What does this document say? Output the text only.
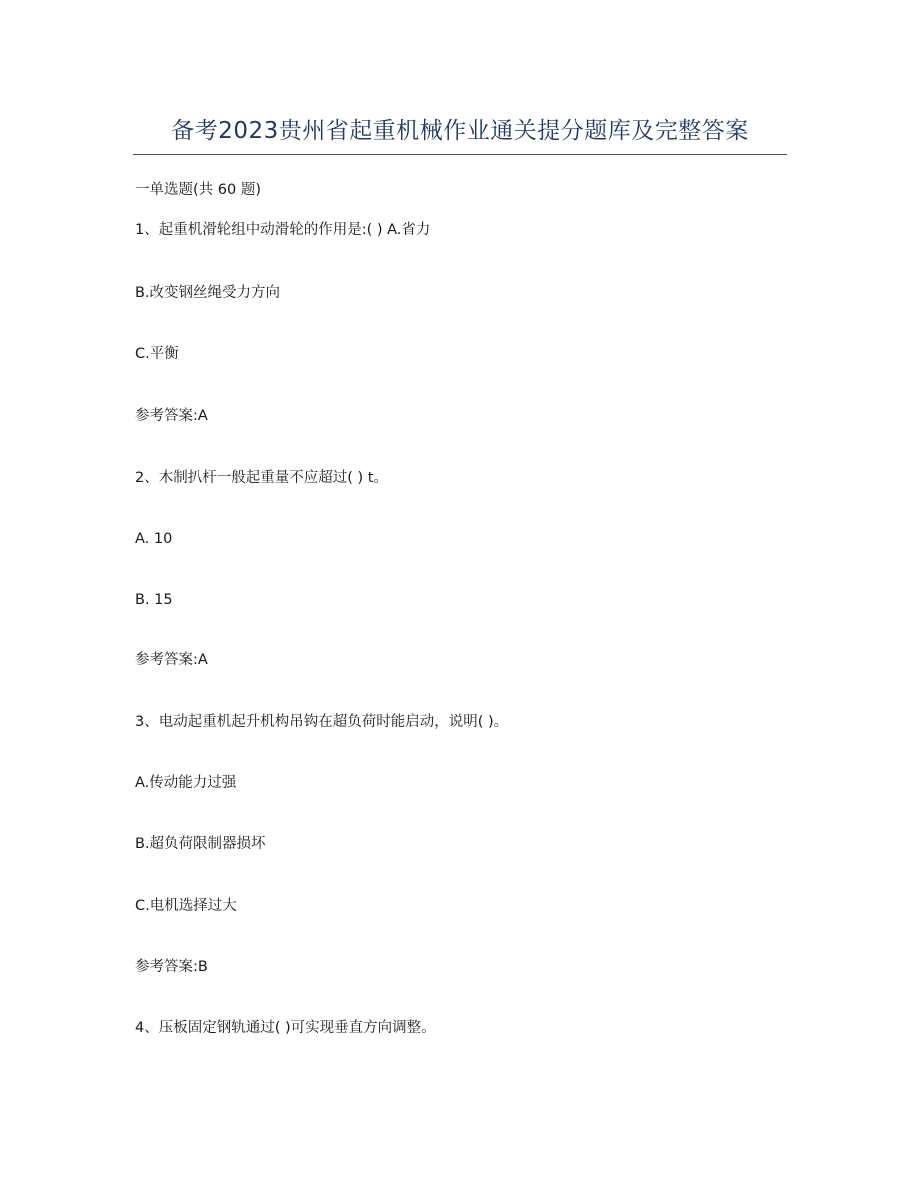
备考2023贵州省起重机械作业通关提分题库及完整答案
一单选题(共 60 题)
1、起重机滑轮组中动滑轮的作用是:( ) A.省力
B.改变钢丝绳受力方向
C.平衡
参考答案:A
2、木制扒杆一般起重量不应超过( ) t。
A. 10
B. 15
参考答案:A
3、电动起重机起升机构吊钩在超负荷时能启动，说明( )。
A.传动能力过强
B.超负荷限制器损坏
C.电机选择过大
参考答案:B
4、压板固定钢轨通过( )可实现垂直方向调整。
